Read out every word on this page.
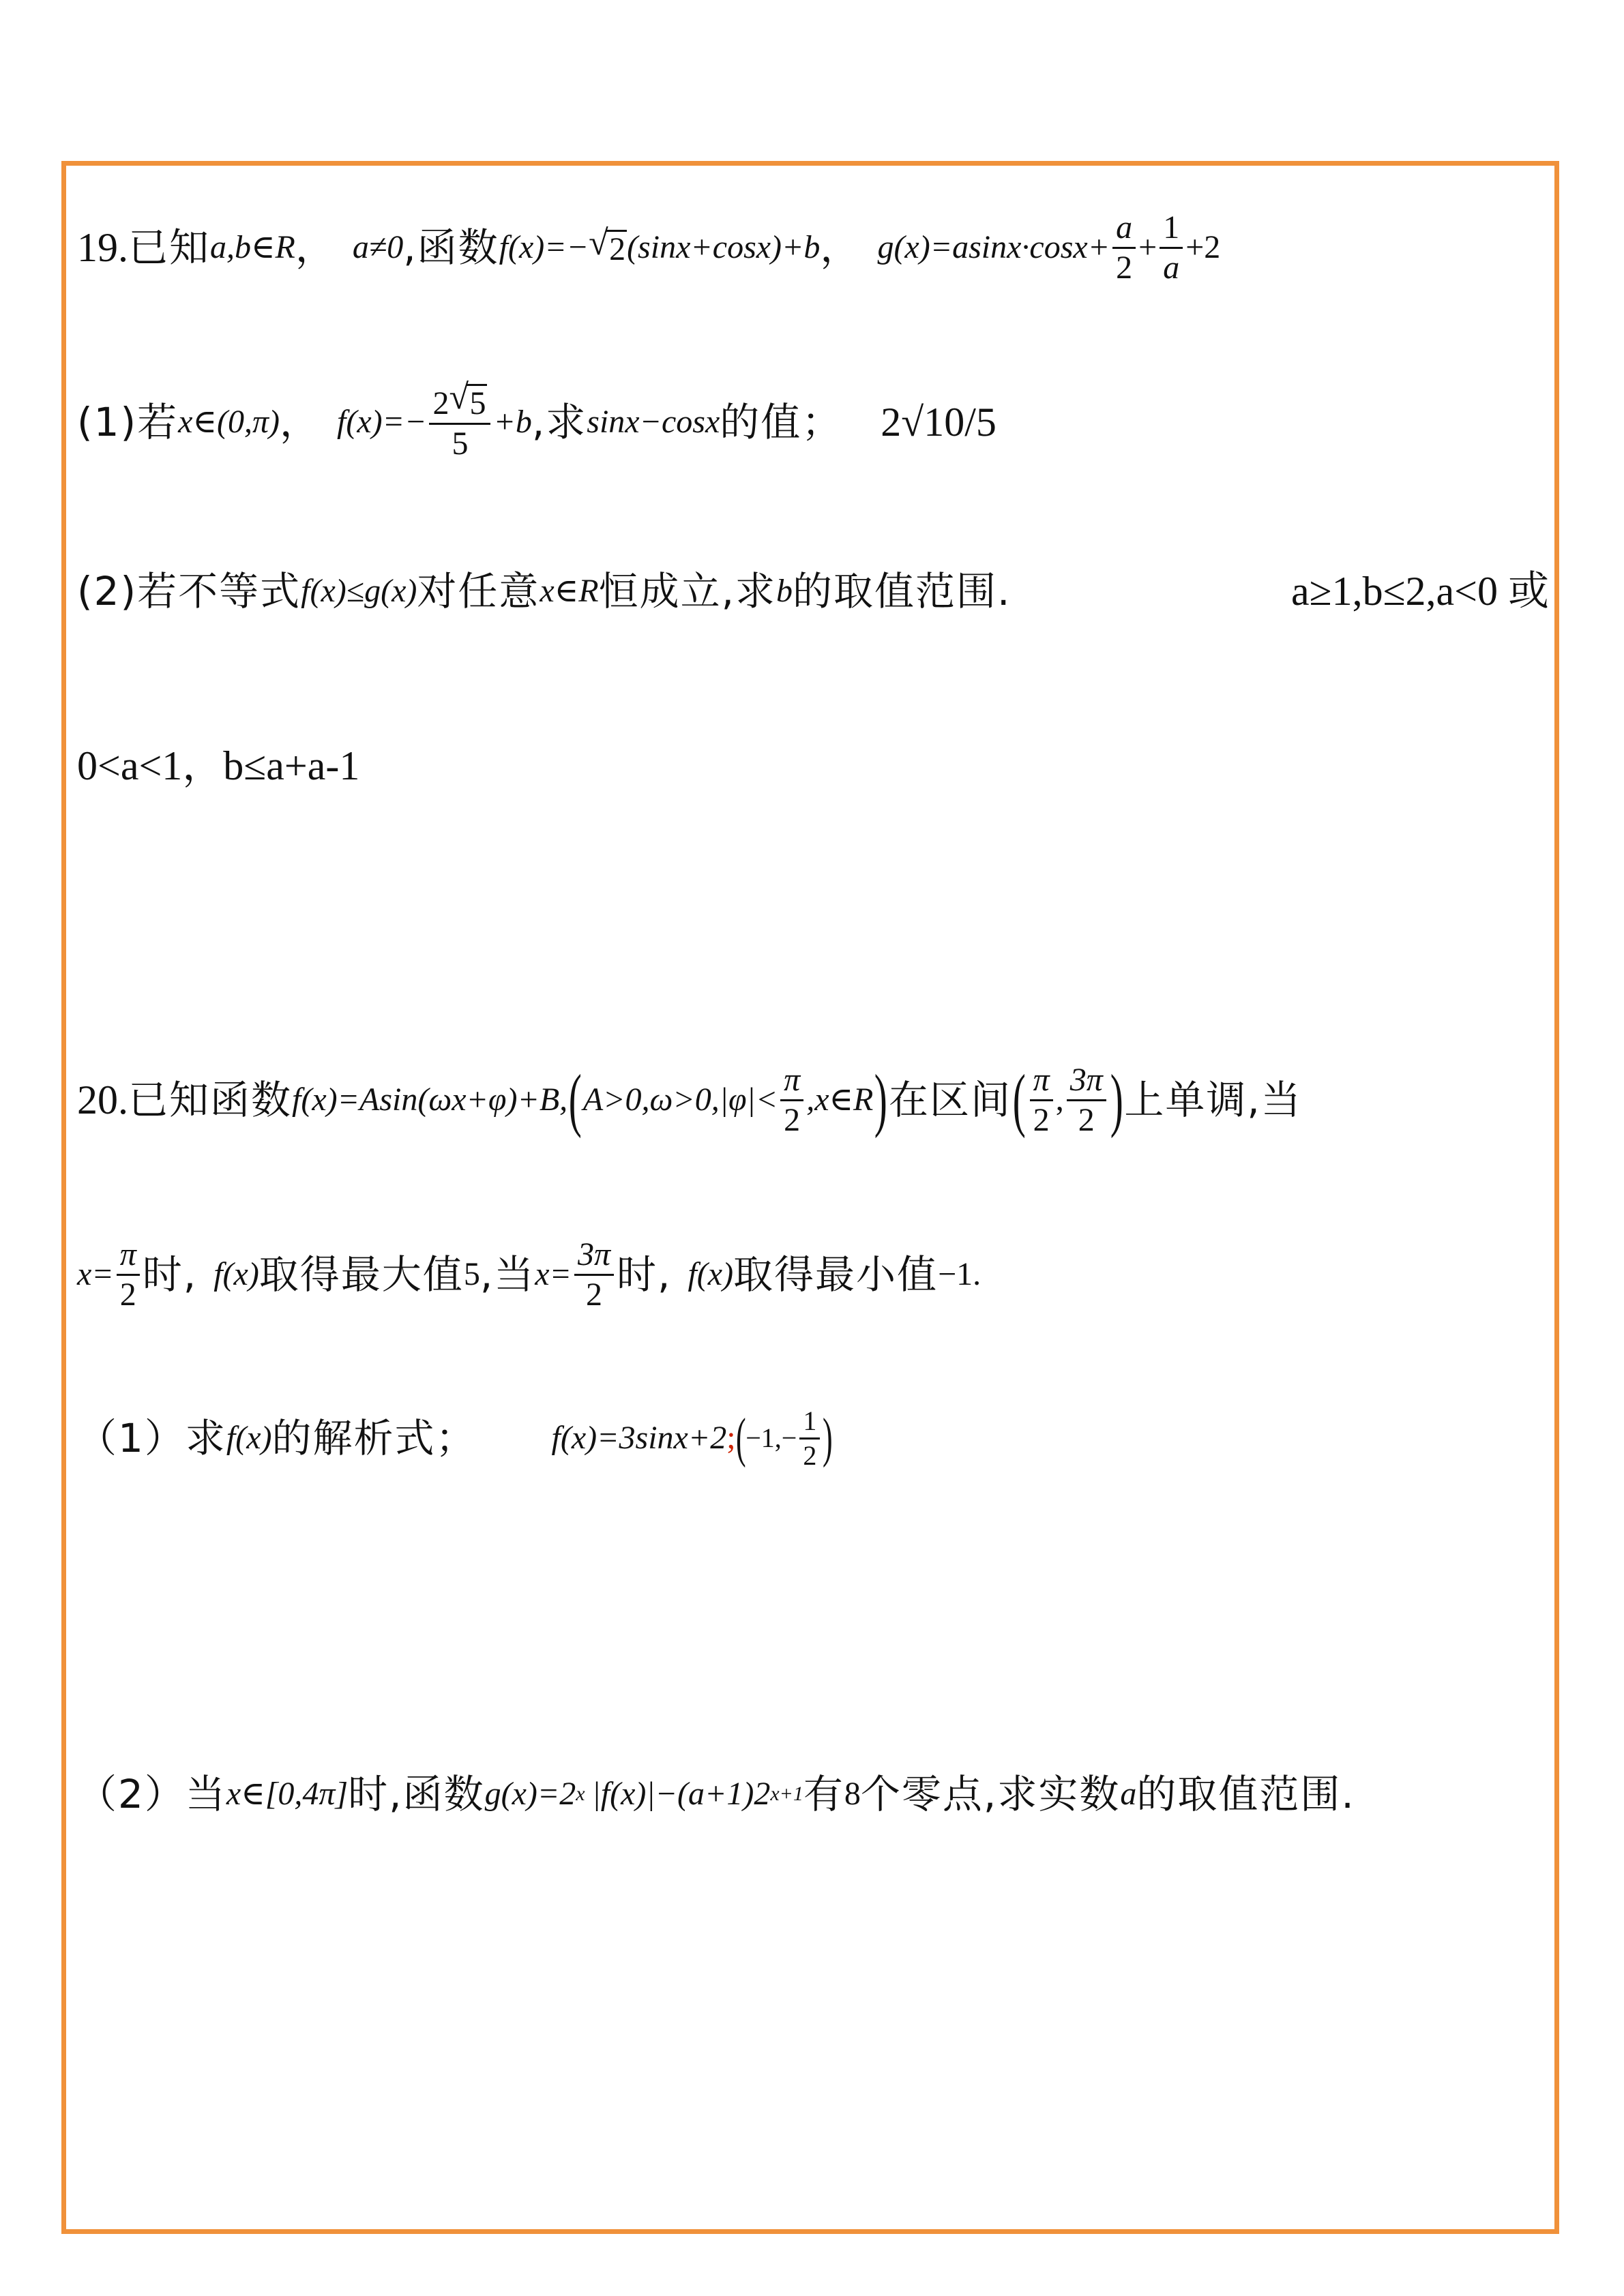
19. 已知 a,b∈R ， a≠0 ,函数 f(x)=− √ 2 (sinx+cosx)+b ， $g(x)=asinx\cdot\cos x+ \frac{a}{2} + \frac{1}{a} +2$
(1)若 x∈(0,π) ， $f(x)=- \frac{2 √ 5}{5} +b$ ,求 sinx−cosx 的值； 2√10/5
(2)若不等式 f(x)≤g(x) 对任意 x∈R 恒成立,求 b 的取值范围.	a≥1,b≤2,a<0 或
0<a<1，b≤a+a -1
20. 已知函数 f(x)=Asin(ωx+φ)+B, ( $A>0,\omega>0,|\varphi|< \frac{\pi}{2}$ ,x∈R ) 在区间 ( $\frac{\pi}{2}$ , $\frac{3\pi}{2}$ ) 上单调,当
$x= \frac{\pi}{2}$ 时, f(x) 取得最大值 5 ,当 $x= \frac{3\pi}{2}$ 时, f(x) 取得最小值 −1 .
（1）求 f(x) 的解析式； f(x)=3sinx+2 ; ( $-1,- \frac{1}{2}$ )
（2）当 x∈[0,4π] 时,函数 g(x)=2 x |f(x)|−(a+1)2 x+1 有 8 个零点,求实数 a 的取值范围.
